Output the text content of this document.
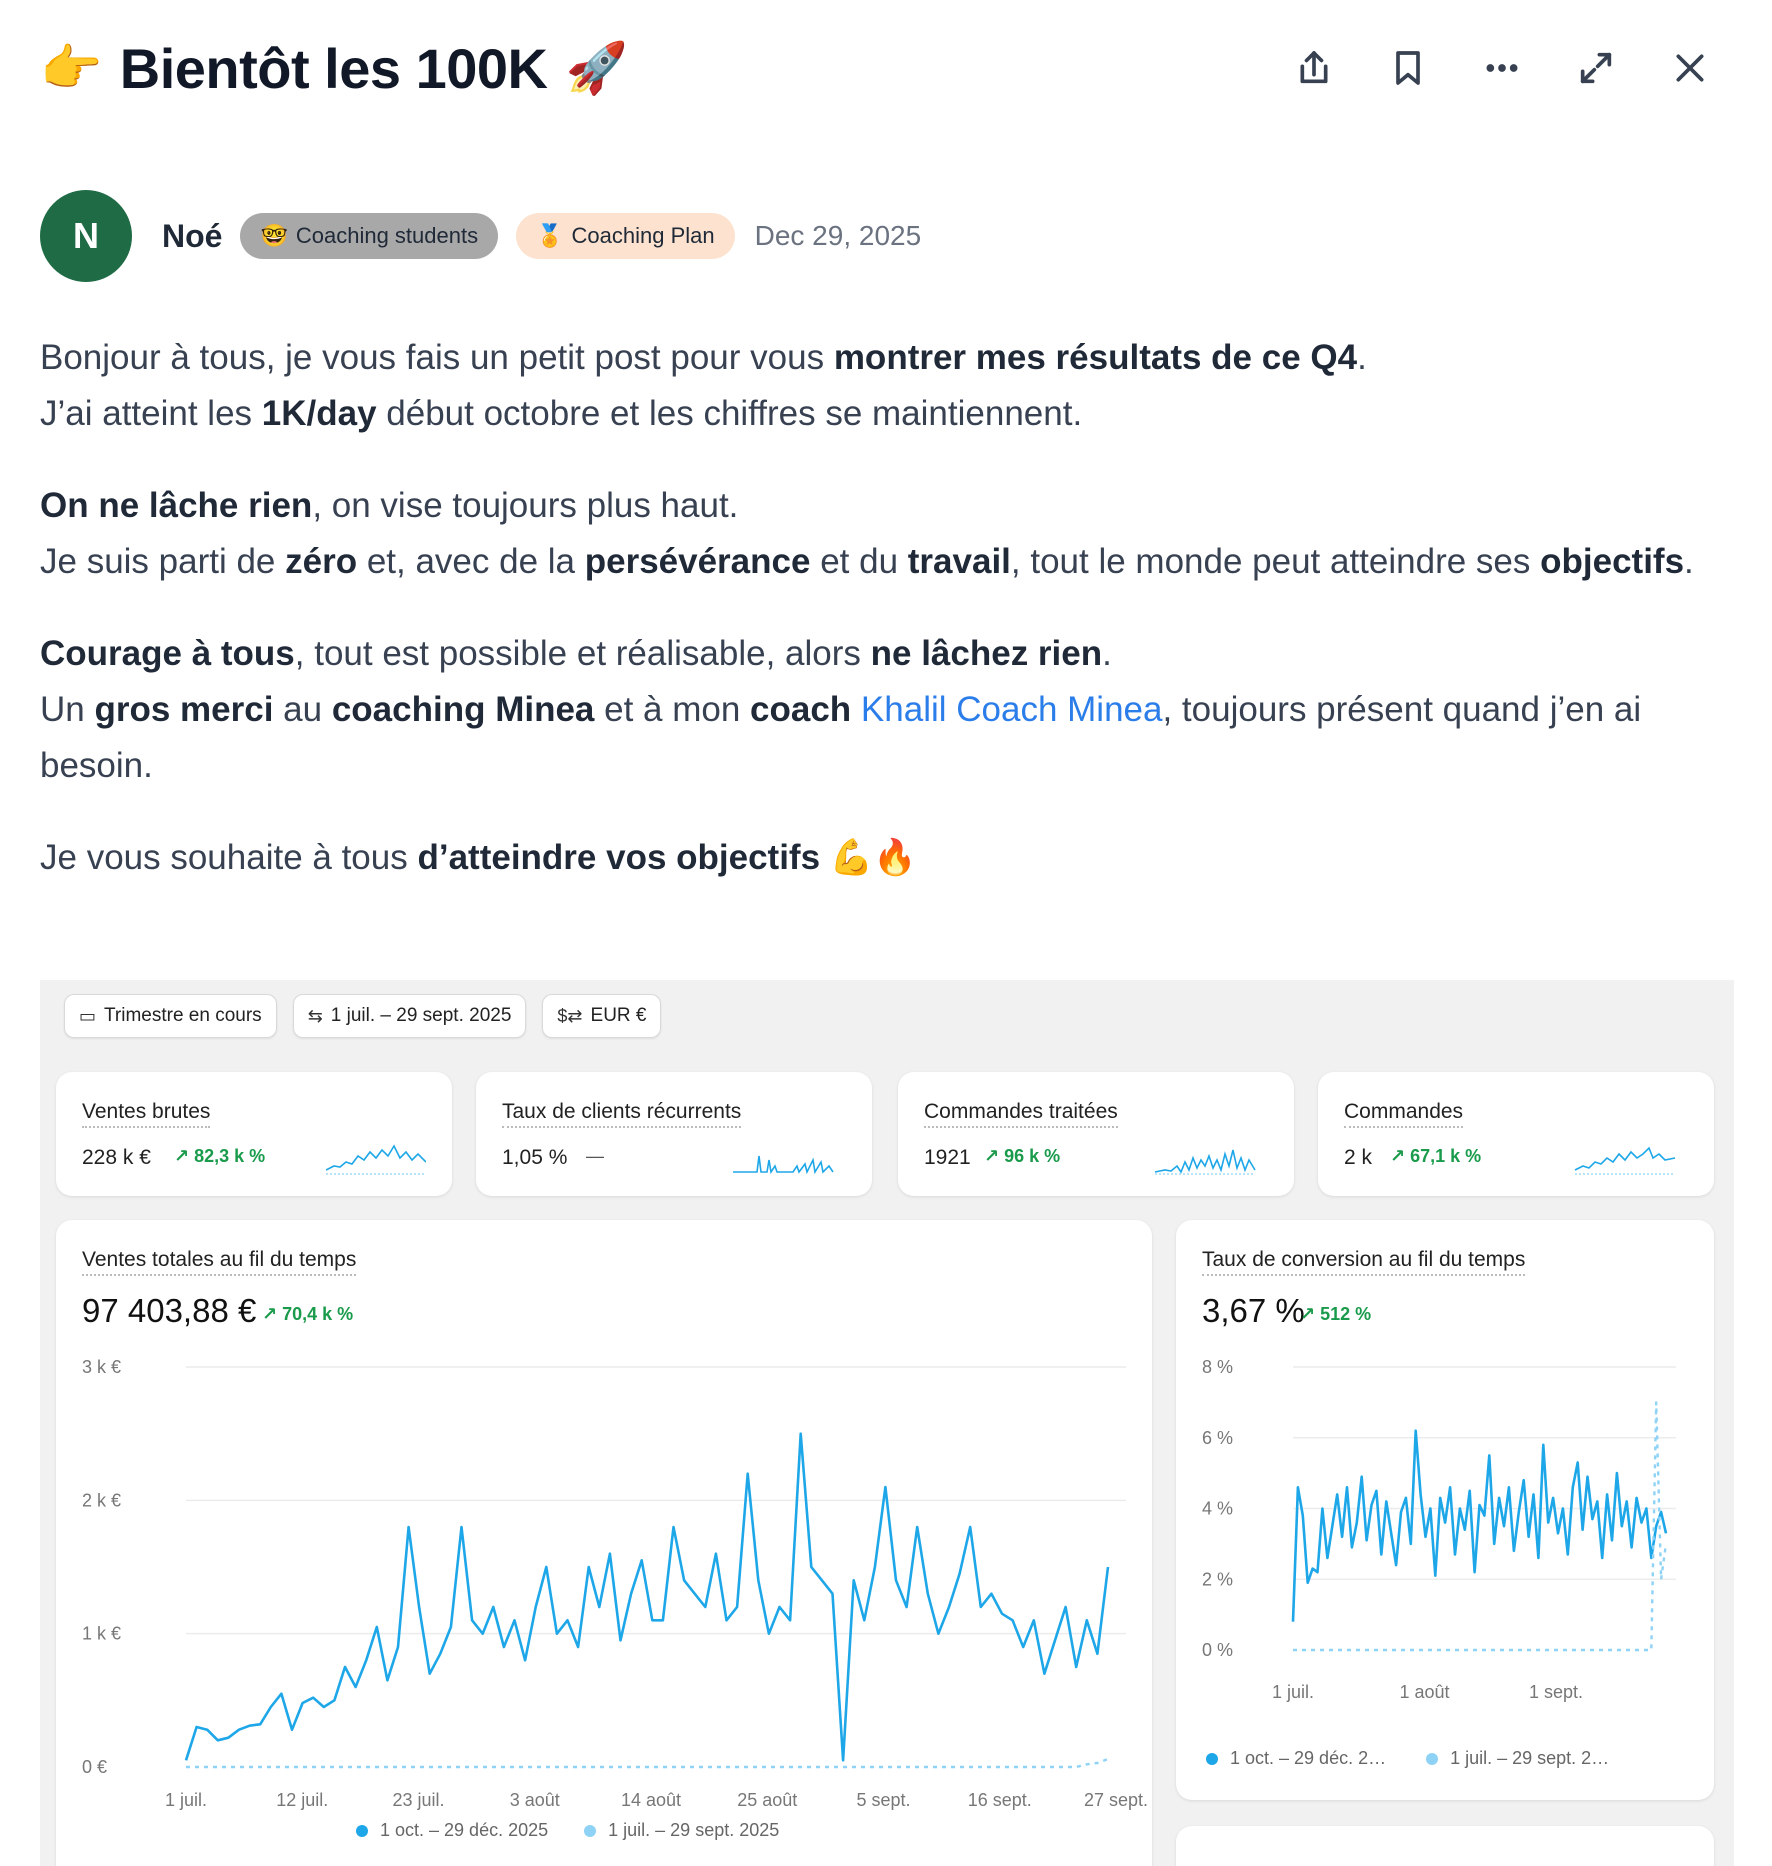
👉 Bientôt les 100K 🚀
N	Noé 🤓 Coaching students	🏅 Coaching Plan Dec 29, 2025

Bonjour à tous, je vous fais un petit post pour vous montrer mes résultats de ce Q4.
J’ai atteint les 1K/day début octobre et les chiffres se maintiennent.

On ne lâche rien, on vise toujours plus haut.
Je suis parti de zéro et, avec de la persévérance et du travail, tout le monde peut atteindre ses objectifs.

Courage à tous, tout est possible et réalisable, alors ne lâchez rien.
Un gros merci au coaching Minea et à mon coach Khalil Coach Minea, toujours présent quand j’en ai besoin.

Je vous souhaite à tous d’atteindre vos objectifs 💪🔥

▭ Trimestre en cours	⇆ 1 juil. – 29 sept. 2025	$⇄ EUR €
Ventes brutes
228 k € ↗ 82,3 k %
Taux de clients récurrents
1,05 % —
Commandes traitées
1921 ↗ 96 k %
Commandes
2 k ↗ 67,1 k %
Ventes totales au fil du temps
97 403,88 € ↗ 70,4 k %
0 €
1 k €
2 k €
3 k €
1 juil.	12 juil.	23 juil.	3 août	14 août	25 août	5 sept.	16 sept.	27 sept.
1 oct. – 29 déc. 2025	1 juil. – 29 sept. 2025
Taux de conversion au fil du temps
3,67 %
↗ 512 %
0 %
2 %
4 %
6 %
8 %
1 juil.	1 août	1 sept.
1 oct. – 29 déc. 2…	1 juil. – 29 sept. 2…
